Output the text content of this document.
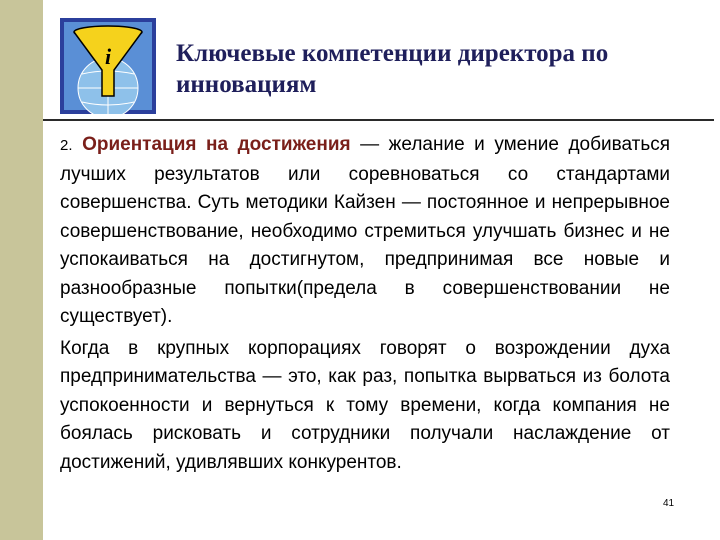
i	Ключевые компетенции директора по инновациям

2. Ориентация на достижения — желание и умение добиваться лучших результатов или соревноваться со стандартами совершенства. Суть методики Кайзен — постоянное и непрерывное совершенствование, необходимо стремиться улучшать бизнес и не успокаиваться на достигнутом, предпринимая все новые и разнообразные попытки(предела в совершенствовании не существует).

Когда в крупных корпорациях говорят о возрождении духа предпринимательства — это, как раз, попытка вырваться из болота успокоенности и вернуться к тому времени, когда компания не боялась рисковать и сотрудники получали наслаждение от достижений, удивлявших конкурентов.

41
